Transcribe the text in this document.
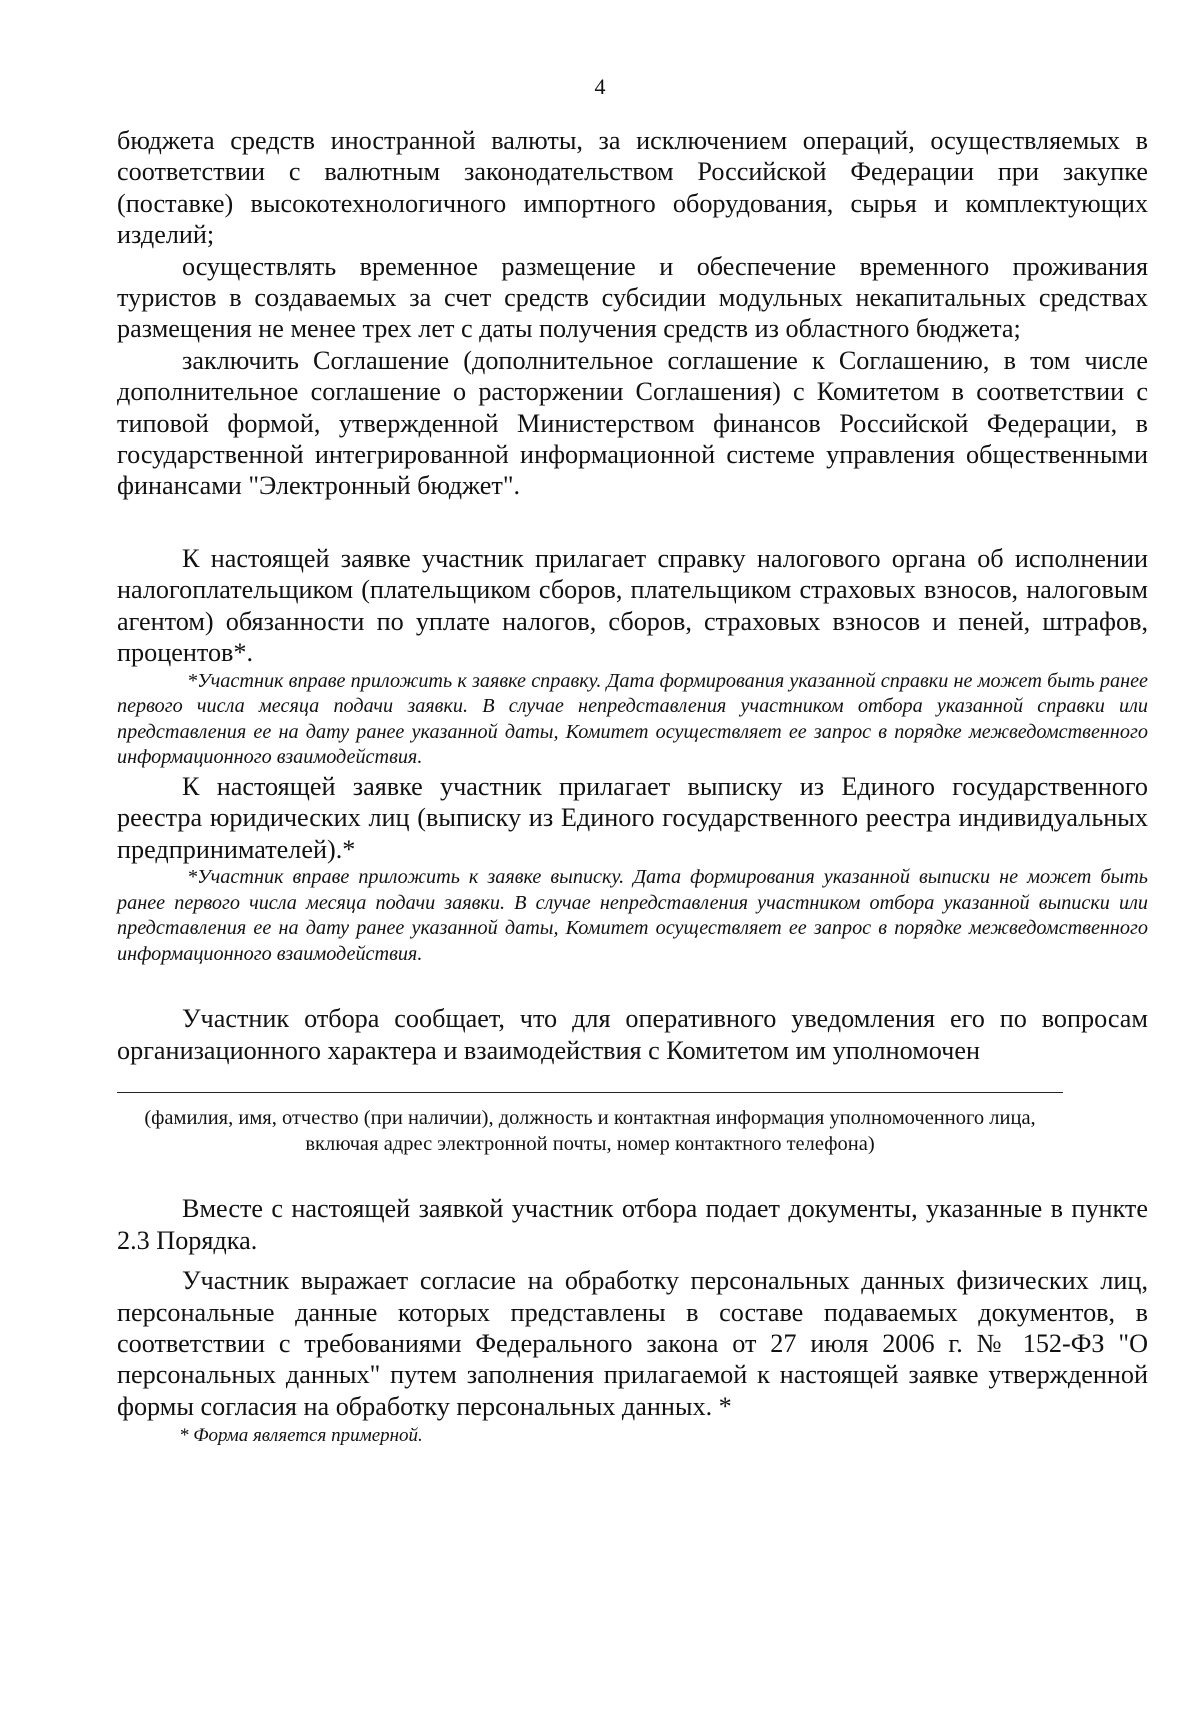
4

бюджета средств иностранной валюты, за исключением операций, осуществляемых в соответствии с валютным законодательством Российской Федерации при закупке (поставке) высокотехнологичного импортного оборудования, сырья и комплектующих изделий;

осуществлять временное размещение и обеспечение временного проживания туристов в создаваемых за счет средств субсидии модульных некапитальных средствах размещения не менее трех лет с даты получения средств из областного бюджета;

заключить Соглашение (дополнительное соглашение к Соглашению, в том числе дополнительное соглашение о расторжении Соглашения) с Комитетом в соответствии с типовой формой, утвержденной Министерством финансов Российской Федерации, в государственной интегрированной информационной системе управления общественными финансами "Электронный бюджет".

К настоящей заявке участник прилагает справку налогового органа об исполнении налогоплательщиком (плательщиком сборов, плательщиком страховых взносов, налоговым агентом) обязанности по уплате налогов, сборов, страховых взносов и пеней, штрафов, процентов*.

*Участник вправе приложить к заявке справку. Дата формирования указанной справки не может быть ранее первого числа месяца подачи заявки. В случае непредставления участником отбора указанной справки или представления ее на дату ранее указанной даты, Комитет осуществляет ее запрос в порядке межведомственного информационного взаимодействия.

К настоящей заявке участник прилагает выписку из Единого государственного реестра юридических лиц (выписку из Единого государственного реестра индивидуальных предпринимателей).*

*Участник вправе приложить к заявке выписку. Дата формирования указанной выписки не может быть ранее первого числа месяца подачи заявки. В случае непредставления участником отбора указанной выписки или представления ее на дату ранее указанной даты, Комитет осуществляет ее запрос в порядке межведомственного информационного взаимодействия.

Участник отбора сообщает, что для оперативного уведомления его по вопросам организационного характера и взаимодействия с Комитетом им уполномочен

(фамилия, имя, отчество (при наличии), должность и контактная информация уполномоченного лица, включая адрес электронной почты, номер контактного телефона)

Вместе с настоящей заявкой участник отбора подает документы, указанные в пункте 2.3 Порядка.

Участник выражает согласие на обработку персональных данных физических лиц, персональные данные которых представлены в составе подаваемых документов, в соответствии с требованиями Федерального закона от 27 июля 2006 г. № 152-ФЗ "О персональных данных" путем заполнения прилагаемой к настоящей заявке утвержденной формы согласия на обработку персональных данных. *

* Форма является примерной.
